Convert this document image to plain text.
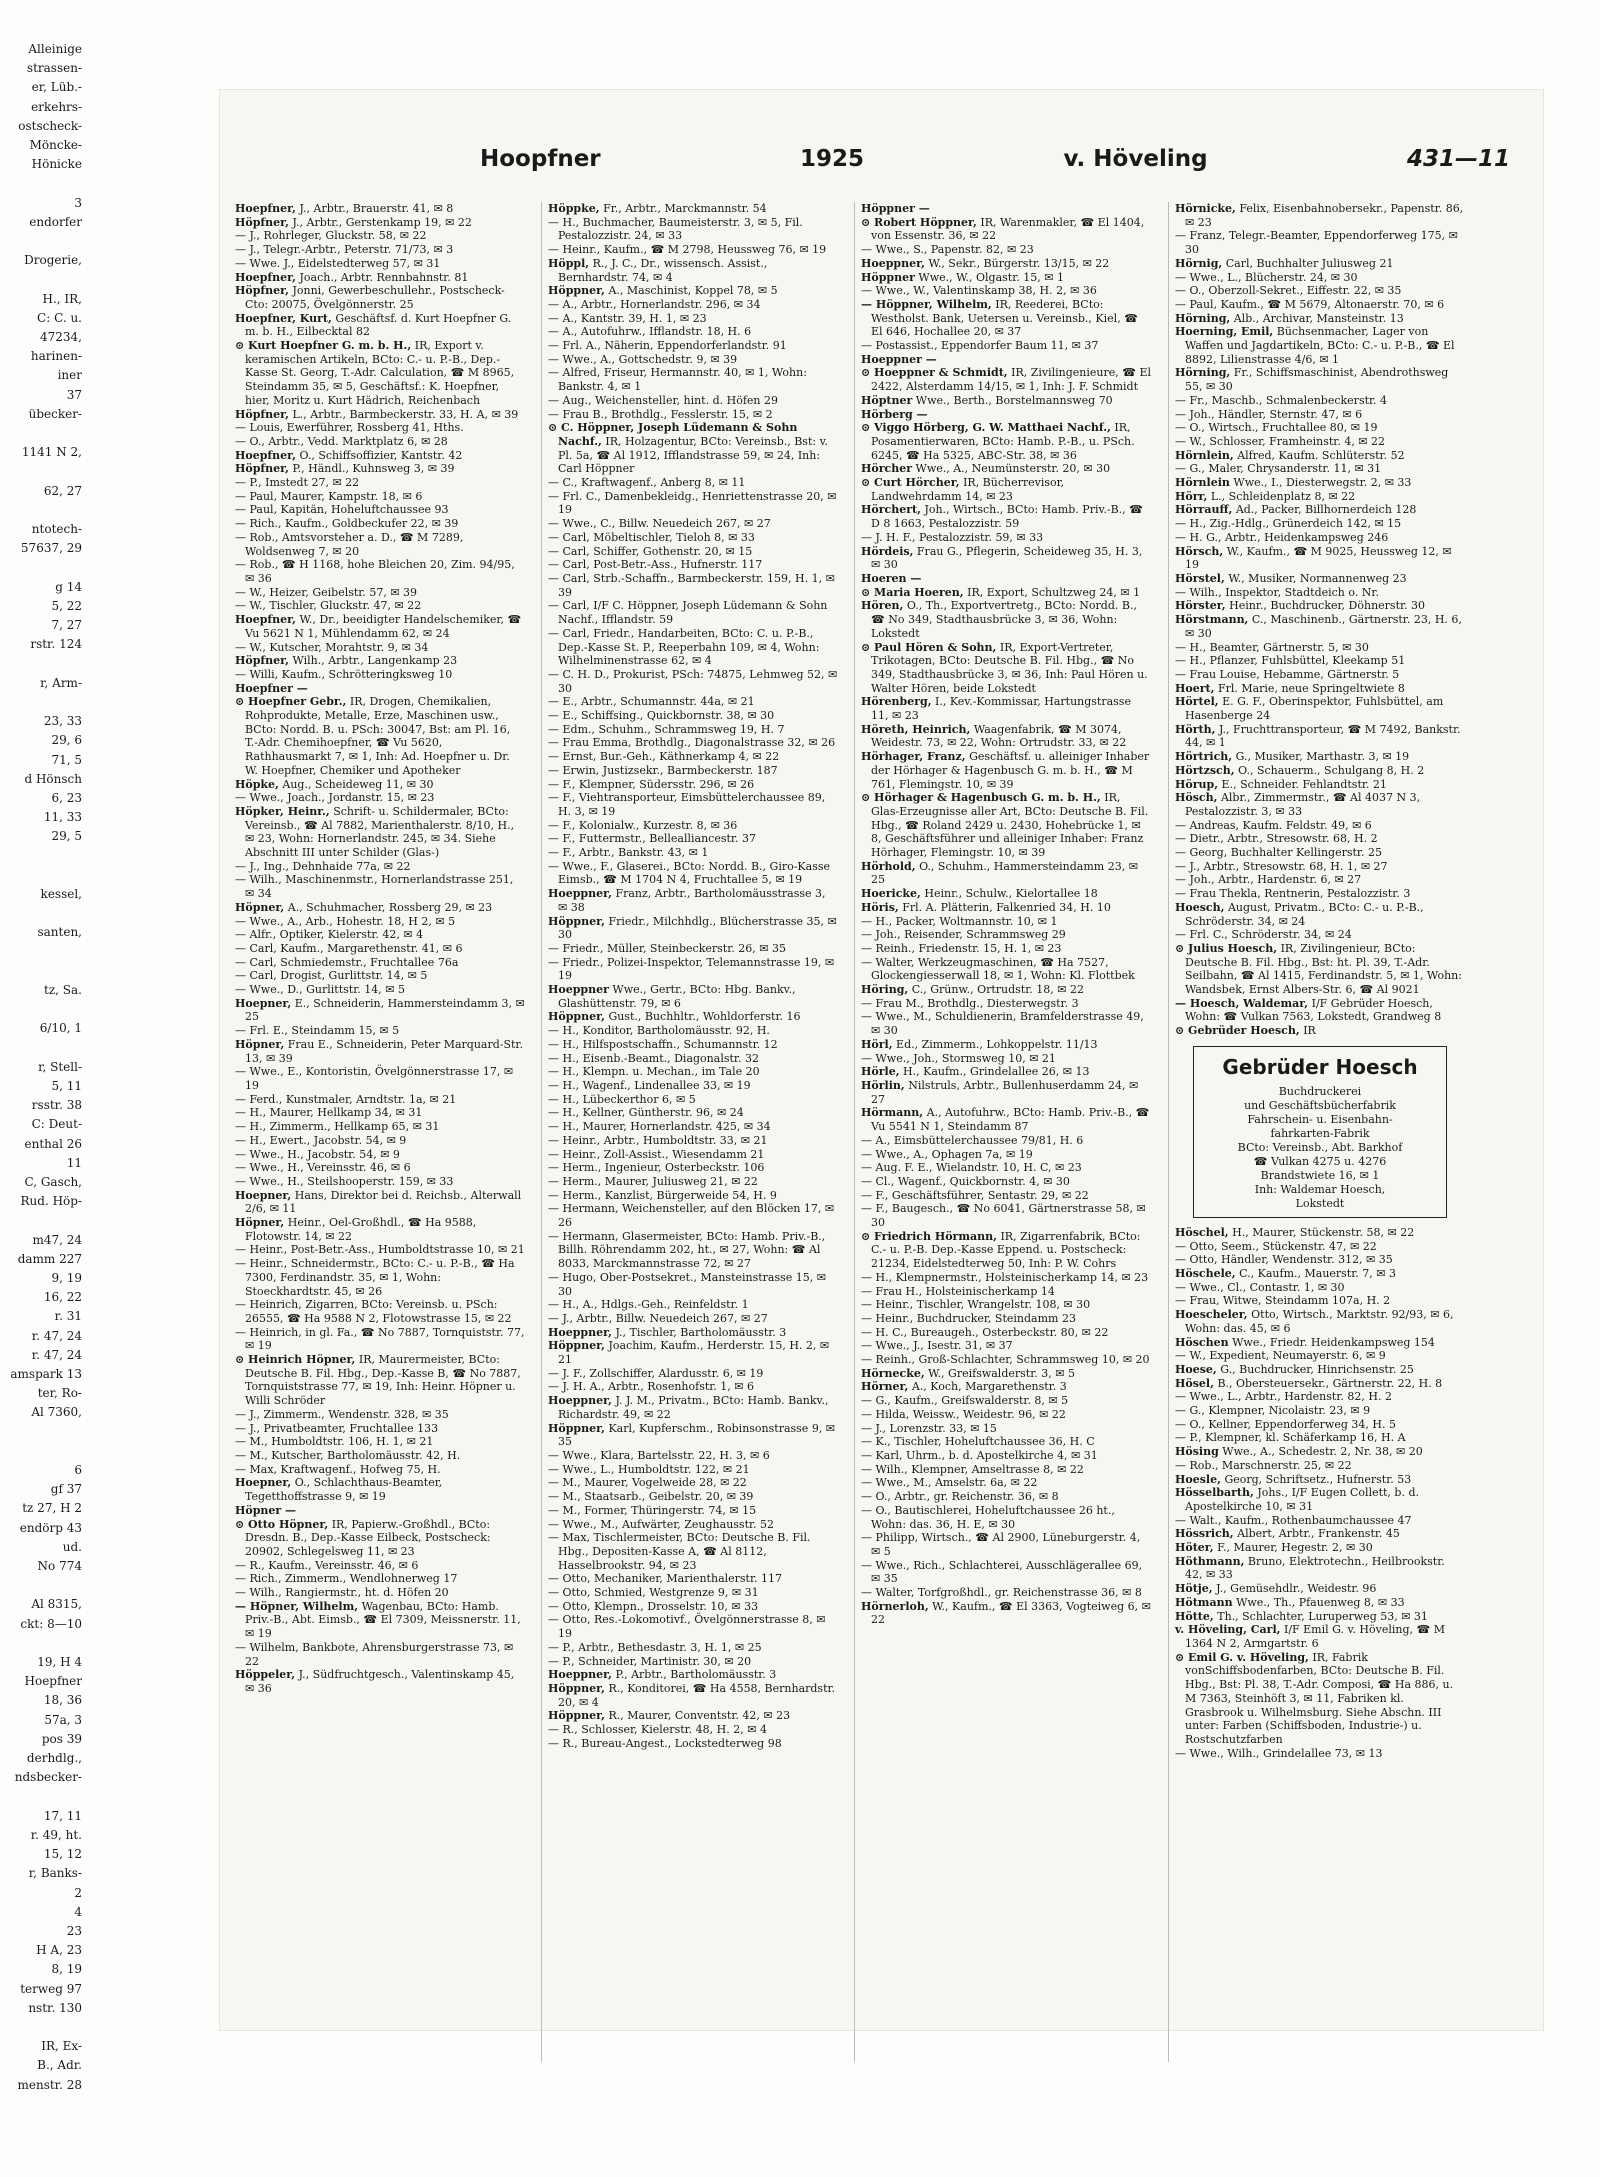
Alleinige
strassen-
er, Lüb.-
erkehrs-
ostscheck-
Möncke-
Hönicke

3
endorfer

Drogerie,

H., IR,
C: C. u.
47234,
harinen-
iner
37
übecker-

1141 N 2,

62, 27

ntotech-
57637, 29

g 14
5, 22
7, 27
rstr. 124

r, Arm-

23, 33
29, 6
71, 5
d Hönsch
6, 23
11, 33
29, 5

kessel,

santen,

tz, Sa.

6/10, 1

r, Stell-
5, 11
rsstr. 38
C: Deut-
enthal 26
11
C, Gasch,
Rud. Höp-

m47, 24
damm 227
9, 19
16, 22
r. 31
r. 47, 24
r. 47, 24
amspark 13
ter, Ro-
Al 7360,

6
gf 37
tz 27, H 2
endörp 43
ud.
No 774

Al 8315,
ckt: 8—10

19, H 4
Hoepfner
18, 36
57a, 3
pos 39
derhdlg.,
ndsbecker-

17, 11
r. 49, ht.
15, 12
r, Banks-
2
4
23
H A, 23
8, 19
terweg 97
nstr. 130

IR, Ex-
B., Adr.
menstr. 28
Hoopfner	1925	v. Höveling	431—11

Hoepfner, J., Arbtr., Brauerstr. 41, ✉ 8

Höpfner, J., Arbtr., Gerstenkamp 19, ✉ 22

— J., Rohrleger, Gluckstr. 58, ✉ 22

— J., Telegr.-Arbtr., Peterstr. 71/73, ✉ 3

— Wwe. J., Eidelstedterweg 57, ✉ 31

Hoepfner, Joach., Arbtr. Rennbahnstr. 81

Höpfner, Jonni, Gewerbeschullehr., Postscheck-Cto: 20075, Övelgönnerstr. 25

Hoepfner, Kurt, Geschäftsf. d. Kurt Hoepfner G. m. b. H., Eilbecktal 82

⊙ Kurt Hoepfner G. m. b. H., IR, Export v. keramischen Artikeln, BCto: C.- u. P.-B., Dep.-Kasse St. Georg, T.-Adr. Calculation, ☎ M 8965, Steindamm 35, ✉ 5, Geschäftsf.: K. Hoepfner, hier, Moritz u. Kurt Hädrich, Reichenbach

Höpfner, L., Arbtr., Barmbeckerstr. 33, H. A, ✉ 39

— Louis, Ewerführer, Rossberg 41, Hths.

— O., Arbtr., Vedd. Marktplatz 6, ✉ 28

Hoepfner, O., Schiffsoffizier, Kantstr. 42

Höpfner, P., Händl., Kuhnsweg 3, ✉ 39

— P., Imstedt 27, ✉ 22

— Paul, Maurer, Kampstr. 18, ✉ 6

— Paul, Kapitän, Hoheluftchaussee 93

— Rich., Kaufm., Goldbeckufer 22, ✉ 39

— Rob., Amtsvorsteher a. D., ☎ M 7289, Woldsenweg 7, ✉ 20

— Rob., ☎ H 1168, hohe Bleichen 20, Zim. 94/95, ✉ 36

— W., Heizer, Geibelstr. 57, ✉ 39

— W., Tischler, Gluckstr. 47, ✉ 22

Hoepfner, W., Dr., beeidigter Handelschemiker, ☎ Vu 5621 N 1, Mühlendamm 62, ✉ 24

— W., Kutscher, Morahtstr. 9, ✉ 34

Höpfner, Wilh., Arbtr., Langenkamp 23

— Willi, Kaufm., Schrötteringksweg 10

Hoepfner —

⊙ Hoepfner Gebr., IR, Drogen, Chemikalien, Rohprodukte, Metalle, Erze, Maschinen usw., BCto: Nordd. B. u. PSch: 30047, Bst: am Pl. 16, T.-Adr. Chemihoepfner, ☎ Vu 5620, Rathhausmarkt 7, ✉ 1, Inh: Ad. Hoepfner u. Dr. W. Hoepfner, Chemiker und Apotheker

Höpke, Aug., Scheideweg 11, ✉ 30

— Wwe., Joach., Jordanstr. 15, ✉ 23

Höpker, Heinr., Schrift- u. Schildermaler, BCto: Vereinsb., ☎ Al 7882, Marienthalerstr. 8/10, H., ✉ 23, Wohn: Hornerlandstr. 245, ✉ 34. Siehe Abschnitt III unter Schilder (Glas-)

— J., Ing., Dehnhaide 77a, ✉ 22

— Wilh., Maschinenmstr., Hornerlandstrasse 251, ✉ 34

Höpner, A., Schuhmacher, Rossberg 29, ✉ 23

— Wwe., A., Arb., Hohestr. 18, H 2, ✉ 5

— Alfr., Optiker, Kielerstr. 42, ✉ 4

— Carl, Kaufm., Margarethenstr. 41, ✉ 6

— Carl, Schmiedemstr., Fruchtallee 76a

— Carl, Drogist, Gurlittstr. 14, ✉ 5

— Wwe., D., Gurlittstr. 14, ✉ 5

Hoepner, E., Schneiderin, Hammersteindamm 3, ✉ 25

— Frl. E., Steindamm 15, ✉ 5

Höpner, Frau E., Schneiderin, Peter Marquard-Str. 13, ✉ 39

— Wwe., E., Kontoristin, Övelgönnerstrasse 17, ✉ 19

— Ferd., Kunstmaler, Arndtstr. 1a, ✉ 21

— H., Maurer, Hellkamp 34, ✉ 31

— H., Zimmerm., Hellkamp 65, ✉ 31

— H., Ewert., Jacobstr. 54, ✉ 9

— Wwe., H., Jacobstr. 54, ✉ 9

— Wwe., H., Vereinsstr. 46, ✉ 6

— Wwe., H., Steilshooperstr. 159, ✉ 33

Hoepner, Hans, Direktor bei d. Reichsb., Alterwall 2/6, ✉ 11

Höpner, Heinr., Oel-Großhdl., ☎ Ha 9588, Flotowstr. 14, ✉ 22

— Heinr., Post-Betr.-Ass., Humboldtstrasse 10, ✉ 21

— Heinr., Schneidermstr., BCto: C.- u. P.-B., ☎ Ha 7300, Ferdinandstr. 35, ✉ 1, Wohn: Stoeckhardtstr. 45, ✉ 26

— Heinrich, Zigarren, BCto: Vereinsb. u. PSch: 26555, ☎ Ha 9588 N 2, Flotowstrasse 15, ✉ 22

— Heinrich, in gl. Fa., ☎ No 7887, Tornquiststr. 77, ✉ 19

⊙ Heinrich Höpner, IR, Maurermeister, BCto: Deutsche B. Fil. Hbg., Dep.-Kasse B, ☎ No 7887, Tornquiststrasse 77, ✉ 19, Inh: Heinr. Höpner u. Willi Schröder

— J., Zimmerm., Wendenstr. 328, ✉ 35

— J., Privatbeamter, Fruchtallee 133

— M., Humboldtstr. 106, H. 1, ✉ 21

— M., Kutscher, Bartholomäusstr. 42, H.

— Max, Kraftwagenf., Hofweg 75, H.

Hoepner, O., Schlachthaus-Beamter, Tegetthoffstrasse 9, ✉ 19

Höpner —

⊙ Otto Höpner, IR, Papierw.-Großhdl., BCto: Dresdn. B., Dep.-Kasse Eilbeck, Postscheck: 20902, Schlegelsweg 11, ✉ 23

— R., Kaufm., Vereinsstr. 46, ✉ 6

— Rich., Zimmerm., Wendlohnerweg 17

— Wilh., Rangiermstr., ht. d. Höfen 20

— Höpner, Wilhelm, Wagenbau, BCto: Hamb. Priv.-B., Abt. Eimsb., ☎ El 7309, Meissnerstr. 11, ✉ 19

— Wilhelm, Bankbote, Ahrensburgerstrasse 73, ✉ 22

Höppeler, J., Südfruchtgesch., Valentinskamp 45, ✉ 36

Höppke, Fr., Arbtr., Marckmannstr. 54

— H., Buchmacher, Baumeisterstr. 3, ✉ 5, Fil. Pestalozzistr. 24, ✉ 33

— Heinr., Kaufm., ☎ M 2798, Heussweg 76, ✉ 19

Höppl, R., J. C., Dr., wissensch. Assist., Bernhardstr. 74, ✉ 4

Höppner, A., Maschinist, Koppel 78, ✉ 5

— A., Arbtr., Hornerlandstr. 296, ✉ 34

— A., Kantstr. 39, H. 1, ✉ 23

— A., Autofuhrw., Ifflandstr. 18, H. 6

— Frl. A., Näherin, Eppendorferlandstr. 91

— Wwe., A., Gottschedstr. 9, ✉ 39

— Alfred, Friseur, Hermannstr. 40, ✉ 1, Wohn: Bankstr. 4, ✉ 1

— Aug., Weichensteller, hint. d. Höfen 29

— Frau B., Brothdlg., Fesslerstr. 15, ✉ 2

⊙ C. Höppner, Joseph Lüdemann & Sohn Nachf., IR, Holzagentur, BCto: Vereinsb., Bst: v. Pl. 5a, ☎ Al 1912, Ifflandstrasse 59, ✉ 24, Inh: Carl Höppner

— C., Kraftwagenf., Anberg 8, ✉ 11

— Frl. C., Damenbekleidg., Henriettenstrasse 20, ✉ 19

— Wwe., C., Billw. Neuedeich 267, ✉ 27

— Carl, Möbeltischler, Tieloh 8, ✉ 33

— Carl, Schiffer, Gothenstr. 20, ✉ 15

— Carl, Post-Betr.-Ass., Hufnerstr. 117

— Carl, Strb.-Schaffn., Barmbeckerstr. 159, H. 1, ✉ 39

— Carl, I/F C. Höppner, Joseph Lüdemann & Sohn Nachf., Ifflandstr. 59

— Carl, Friedr., Handarbeiten, BCto: C. u. P.-B., Dep.-Kasse St. P., Reeperbahn 109, ✉ 4, Wohn: Wilhelminenstrasse 62, ✉ 4

— C. H. D., Prokurist, PSch: 74875, Lehmweg 52, ✉ 30

— E., Arbtr., Schumannstr. 44a, ✉ 21

— E., Schiffsing., Quickbornstr. 38, ✉ 30

— Edm., Schuhm., Schrammsweg 19, H. 7

— Frau Emma, Brothdlg., Diagonalstrasse 32, ✉ 26

— Ernst, Bur.-Geh., Käthnerkamp 4, ✉ 22

— Erwin, Justizsekr., Barmbeckerstr. 187

— F., Klempner, Südersstr. 296, ✉ 26

— F., Viehtransporteur, Eimsbüttelerchaussee 89, H. 3, ✉ 19

— F., Kolonialw., Kurzestr. 8, ✉ 36

— F., Futtermstr., Bellealliancestr. 37

— F., Arbtr., Bankstr. 43, ✉ 1

— Wwe., F., Glaserei., BCto: Nordd. B., Giro-Kasse Eimsb., ☎ M 1704 N 4, Fruchtallee 5, ✉ 19

Hoeppner, Franz, Arbtr., Bartholomäusstrasse 3, ✉ 38

Höppner, Friedr., Milchhdlg., Blücherstrasse 35, ✉ 30

— Friedr., Müller, Steinbeckerstr. 26, ✉ 35

— Friedr., Polizei-Inspektor, Telemannstrasse 19, ✉ 19

Hoeppner Wwe., Gertr., BCto: Hbg. Bankv., Glashüttenstr. 79, ✉ 6

Höppner, Gust., Buchhltr., Wohldorferstr. 16

— H., Konditor, Bartholomäusstr. 92, H.

— H., Hilfspostschaffn., Schumannstr. 12

— H., Eisenb.-Beamt., Diagonalstr. 32

— H., Klempn. u. Mechan., im Tale 20

— H., Wagenf., Lindenallee 33, ✉ 19

— H., Lübeckerthor 6, ✉ 5

— H., Kellner, Güntherstr. 96, ✉ 24

— H., Maurer, Hornerlandstr. 425, ✉ 34

— Heinr., Arbtr., Humboldtstr. 33, ✉ 21

— Heinr., Zoll-Assist., Wiesendamm 21

— Herm., Ingenieur, Osterbeckstr. 106

— Herm., Maurer, Juliusweg 21, ✉ 22

— Herm., Kanzlist, Bürgerweide 54, H. 9

— Hermann, Weichensteller, auf den Blöcken 17, ✉ 26

— Hermann, Glasermeister, BCto: Hamb. Priv.-B., Billh. Röhrendamm 202, ht., ✉ 27, Wohn: ☎ Al 8033, Marckmannstrasse 72, ✉ 27

— Hugo, Ober-Postsekret., Mansteinstrasse 15, ✉ 30

— H., A., Hdlgs.-Geh., Reinfeldstr. 1

— J., Arbtr., Billw. Neuedeich 267, ✉ 27

Hoeppner, J., Tischler, Bartholomäusstr. 3

Höppner, Joachim, Kaufm., Herderstr. 15, H. 2, ✉ 21

— J. F., Zollschiffer, Alardusstr. 6, ✉ 19

— J. H. A., Arbtr., Rosenhofstr. 1, ✉ 6

Hoeppner, J. J. M., Privatm., BCto: Hamb. Bankv., Richardstr. 49, ✉ 22

Höppner, Karl, Kupferschm., Robinsonstrasse 9, ✉ 35

— Wwe., Klara, Bartelsstr. 22, H. 3, ✉ 6

— Wwe., L., Humboldtstr. 122, ✉ 21

— M., Maurer, Vogelweide 28, ✉ 22

— M., Staatsarb., Geibelstr. 20, ✉ 39

— M., Former, Thüringerstr. 74, ✉ 15

— Wwe., M., Aufwärter, Zeughausstr. 52

— Max, Tischlermeister, BCto: Deutsche B. Fil. Hbg., Depositen-Kasse A, ☎ Al 8112, Hasselbrookstr. 94, ✉ 23

— Otto, Mechaniker, Marienthalerstr. 117

— Otto, Schmied, Westgrenze 9, ✉ 31

— Otto, Klempn., Drosselstr. 10, ✉ 33

— Otto, Res.-Lokomotivf., Övelgönnerstrasse 8, ✉ 19

— P., Arbtr., Bethesdastr. 3, H. 1, ✉ 25

— P., Schneider, Martinistr. 30, ✉ 20

Hoeppner, P., Arbtr., Bartholomäusstr. 3

Höppner, R., Konditorei, ☎ Ha 4558, Bernhardstr. 20, ✉ 4

Höppner, R., Maurer, Conventstr. 42, ✉ 23

— R., Schlosser, Kielerstr. 48, H. 2, ✉ 4

— R., Bureau-Angest., Lockstedterweg 98

Höppner —

⊙ Robert Höppner, IR, Warenmakler, ☎ El 1404, von Essenstr. 36, ✉ 22

— Wwe., S., Papenstr. 82, ✉ 23

Hoeppner, W., Sekr., Bürgerstr. 13/15, ✉ 22

Höppner Wwe., W., Olgastr. 15, ✉ 1

— Wwe., W., Valentinskamp 38, H. 2, ✉ 36

— Höppner, Wilhelm, IR, Reederei, BCto: Westholst. Bank, Uetersen u. Vereinsb., Kiel, ☎ El 646, Hochallee 20, ✉ 37

— Postassist., Eppendorfer Baum 11, ✉ 37

Hoeppner —

⊙ Hoeppner & Schmidt, IR, Zivilingenieure, ☎ El 2422, Alsterdamm 14/15, ✉ 1, Inh: J. F. Schmidt

Höptner Wwe., Berth., Borstelmannsweg 70

Hörberg —

⊙ Viggo Hörberg, G. W. Matthaei Nachf., IR, Posamentierwaren, BCto: Hamb. P.-B., u. PSch. 6245, ☎ Ha 5325, ABC-Str. 38, ✉ 36

Hörcher Wwe., A., Neumünsterstr. 20, ✉ 30

⊙ Curt Hörcher, IR, Bücherrevisor, Landwehrdamm 14, ✉ 23

Hörchert, Joh., Wirtsch., BCto: Hamb. Priv.-B., ☎ D 8 1663, Pestalozzistr. 59

— J. H. F., Pestalozzistr. 59, ✉ 33

Hördeis, Frau G., Pflegerin, Scheideweg 35, H. 3, ✉ 30

Hoeren —

⊙ Maria Hoeren, IR, Export, Schultzweg 24, ✉ 1

Hören, O., Th., Exportvertretg., BCto: Nordd. B., ☎ No 349, Stadthausbrücke 3, ✉ 36, Wohn: Lokstedt

⊙ Paul Hören & Sohn, IR, Export-Vertreter, Trikotagen, BCto: Deutsche B. Fil. Hbg., ☎ No 349, Stadthausbrücke 3, ✉ 36, Inh: Paul Hören u. Walter Hören, beide Lokstedt

Hörenberg, I., Kev.-Kommissar, Hartungstrasse 11, ✉ 23

Höreth, Heinrich, Waagenfabrik, ☎ M 3074, Weidestr. 73, ✉ 22, Wohn: Ortrudstr. 33, ✉ 22

Hörhager, Franz, Geschäftsf. u. alleiniger Inhaber der Hörhager & Hagenbusch G. m. b. H., ☎ M 761, Flemingstr. 10, ✉ 39

⊙ Hörhager & Hagenbusch G. m. b. H., IR, Glas-Erzeugnisse aller Art, BCto: Deutsche B. Fil. Hbg., ☎ Roland 2429 u. 2430, Hohebrücke 1, ✉ 8, Geschäftsführer und alleiniger Inhaber: Franz Hörhager, Flemingstr. 10, ✉ 39

Hörhold, O., Schuhm., Hammersteindamm 23, ✉ 25

Hoericke, Heinr., Schulw., Kielortallee 18

Höris, Frl. A. Plätterin, Falkenried 34, H. 10

— H., Packer, Woltmannstr. 10, ✉ 1

— Joh., Reisender, Schrammsweg 29

— Reinh., Friedenstr. 15, H. 1, ✉ 23

— Walter, Werkzeugmaschinen, ☎ Ha 7527, Glockengiesserwall 18, ✉ 1, Wohn: Kl. Flottbek

Höring, C., Grünw., Ortrudstr. 18, ✉ 22

— Frau M., Brothdlg., Diesterwegstr. 3

— Wwe., M., Schuldienerin, Bramfelderstrasse 49, ✉ 30

Hörl, Ed., Zimmerm., Lohkoppelstr. 11/13

— Wwe., Joh., Stormsweg 10, ✉ 21

Hörle, H., Kaufm., Grindelallee 26, ✉ 13

Hörlin, Nilstruls, Arbtr., Bullenhuserdamm 24, ✉ 27

Hörmann, A., Autofuhrw., BCto: Hamb. Priv.-B., ☎ Vu 5541 N 1, Steindamm 87

— A., Eimsbüttelerchaussee 79/81, H. 6

— Wwe., A., Ophagen 7a, ✉ 19

— Aug. F. E., Wielandstr. 10, H. C, ✉ 23

— Cl., Wagenf., Quickbornstr. 4, ✉ 30

— F., Geschäftsführer, Sentastr. 29, ✉ 22

— F., Baugesch., ☎ No 6041, Gärtnerstrasse 58, ✉ 30

⊙ Friedrich Hörmann, IR, Zigarrenfabrik, BCto: C.- u. P.-B. Dep.-Kasse Eppend. u. Postscheck: 21234, Eidelstedterweg 50, Inh: P. W. Cohrs

— H., Klempnermstr., Holsteinischerkamp 14, ✉ 23

— Frau H., Holsteinischerkamp 14

— Heinr., Tischler, Wrangelstr. 108, ✉ 30

— Heinr., Buchdrucker, Steindamm 23

— H. C., Bureaugeh., Osterbeckstr. 80, ✉ 22

— Wwe., J., Isestr. 31, ✉ 37

— Reinh., Groß-Schlachter, Schrammsweg 10, ✉ 20

Hörnecke, W., Greifswalderstr. 3, ✉ 5

Hörner, A., Koch, Margarethenstr. 3

— G., Kaufm., Greifswalderstr. 8, ✉ 5

— Hilda, Weissw., Weidestr. 96, ✉ 22

— J., Lorenzstr. 33, ✉ 15

— K., Tischler, Hoheluftchaussee 36, H. C

— Karl, Uhrm., b. d. Apostelkirche 4, ✉ 31

— Wilh., Klempner, Amseltrasse 8, ✉ 22

— Wwe., M., Amselstr. 6a, ✉ 22

— O., Arbtr., gr. Reichenstr. 36, ✉ 8

— O., Bautischlerei, Hoheluftchaussee 26 ht., Wohn: das. 36, H. E, ✉ 30

— Philipp, Wirtsch., ☎ Al 2900, Lüneburgerstr. 4, ✉ 5

— Wwe., Rich., Schlachterei, Ausschlägerallee 69, ✉ 35

— Walter, Torfgroßhdl., gr. Reichenstrasse 36, ✉ 8

Hörnerloh, W., Kaufm., ☎ El 3363, Vogteiweg 6, ✉ 22

Hörnicke, Felix, Eisenbahnobersekr., Papenstr. 86, ✉ 23

— Franz, Telegr.-Beamter, Eppendorferweg 175, ✉ 30

Hörnig, Carl, Buchhalter Juliusweg 21

— Wwe., L., Blücherstr. 24, ✉ 30

— O., Oberzoll-Sekret., Eiffestr. 22, ✉ 35

— Paul, Kaufm., ☎ M 5679, Altonaerstr. 70, ✉ 6

Hörning, Alb., Archivar, Mansteinstr. 13

Hoerning, Emil, Büchsenmacher, Lager von Waffen und Jagdartikeln, BCto: C.- u. P.-B., ☎ El 8892, Lilienstrasse 4/6, ✉ 1

Hörning, Fr., Schiffsmaschinist, Abendrothsweg 55, ✉ 30

— Fr., Maschb., Schmalenbeckerstr. 4

— Joh., Händler, Sternstr. 47, ✉ 6

— O., Wirtsch., Fruchtallee 80, ✉ 19

— W., Schlosser, Framheinstr. 4, ✉ 22

Hörnlein, Alfred, Kaufm. Schlüterstr. 52

— G., Maler, Chrysanderstr. 11, ✉ 31

Hörnlein Wwe., I., Diesterwegstr. 2, ✉ 33

Hörr, L., Schleidenplatz 8, ✉ 22

Hörrauff, Ad., Packer, Billhornerdeich 128

— H., Zig.-Hdlg., Grünerdeich 142, ✉ 15

— H. G., Arbtr., Heidenkampsweg 246

Hörsch, W., Kaufm., ☎ M 9025, Heussweg 12, ✉ 19

Hörstel, W., Musiker, Normannenweg 23

— Wilh., Inspektor, Stadtdeich o. Nr.

Hörster, Heinr., Buchdrucker, Döhnerstr. 30

Hörstmann, C., Maschinenb., Gärtnerstr. 23, H. 6, ✉ 30

— H., Beamter, Gärtnerstr. 5, ✉ 30

— H., Pflanzer, Fuhlsbüttel, Kleekamp 51

— Frau Louise, Hebamme, Gärtnerstr. 5

Hoert, Frl. Marie, neue Springeltwiete 8

Hörtel, E. G. F., Oberinspektor, Fuhlsbüttel, am Hasenberge 24

Hörth, J., Fruchttransporteur, ☎ M 7492, Bankstr. 44, ✉ 1

Hörtrich, G., Musiker, Marthastr. 3, ✉ 19

Hörtzsch, O., Schauerm., Schulgang 8, H. 2

Hörup, E., Schneider. Fehlandtstr. 21

Hösch, Albr., Zimmermstr., ☎ Al 4037 N 3, Pestalozzistr. 3, ✉ 33

— Andreas, Kaufm. Feldstr. 49, ✉ 6

— Dietr., Arbtr., Stresowstr. 68, H. 2

— Georg, Buchhalter Kellingerstr. 25

— J., Arbtr., Stresowstr. 68, H. 1, ✉ 27

— Joh., Arbtr., Hardenstr. 6, ✉ 27

— Frau Thekla, Rentnerin, Pestalozzistr. 3

Hoesch, August, Privatm., BCto: C.- u. P.-B., Schröderstr. 34, ✉ 24

— Frl. C., Schröderstr. 34, ✉ 24

⊙ Julius Hoesch, IR, Zivilingenieur, BCto: Deutsche B. Fil. Hbg., Bst: ht. Pl. 39, T.-Adr. Seilbahn, ☎ Al 1415, Ferdinandstr. 5, ✉ 1, Wohn: Wandsbek, Ernst Albers-Str. 6, ☎ Al 9021

— Hoesch, Waldemar, I/F Gebrüder Hoesch, Wohn: ☎ Vulkan 7563, Lokstedt, Grandweg 8

⊙ Gebrüder Hoesch, IR

Gebrüder Hoesch
Buchdruckerei
und Geschäftsbücherfabrik
Fahrschein- u. Eisenbahn-
fahrkarten-Fabrik
BCto: Vereinsb., Abt. Barkhof
☎ Vulkan 4275 u. 4276
Brandstwiete 16, ✉ 1
Inh: Waldemar Hoesch,
Lokstedt

Höschel, H., Maurer, Stückenstr. 58, ✉ 22

— Otto, Seem., Stückenstr. 47, ✉ 22

— Otto, Händler, Wendenstr. 312, ✉ 35

Höschele, C., Kaufm., Mauerstr. 7, ✉ 3

— Wwe., Cl., Contastr. 1, ✉ 30

— Frau, Witwe, Steindamm 107a, H. 2

Hoescheler, Otto, Wirtsch., Marktstr. 92/93, ✉ 6, Wohn: das. 45, ✉ 6

Höschen Wwe., Friedr. Heidenkampsweg 154

— W., Expedient, Neumayerstr. 6, ✉ 9

Hoese, G., Buchdrucker, Hinrichsenstr. 25

Hösel, B., Obersteuersekr., Gärtnerstr. 22, H. 8

— Wwe., L., Arbtr., Hardenstr. 82, H. 2

— G., Klempner, Nicolaistr. 23, ✉ 9

— O., Kellner, Eppendorferweg 34, H. 5

— P., Klempner, kl. Schäferkamp 16, H. A

Hösing Wwe., A., Schedestr. 2, Nr. 38, ✉ 20

— Rob., Marschnerstr. 25, ✉ 22

Hoesle, Georg, Schriftsetz., Hufnerstr. 53

Hösselbarth, Johs., I/F Eugen Collett, b. d. Apostelkirche 10, ✉ 31

— Walt., Kaufm., Rothenbaumchaussee 47

Hössrich, Albert, Arbtr., Frankenstr. 45

Höter, F., Maurer, Hegestr. 2, ✉ 30

Höthmann, Bruno, Elektrotechn., Heilbrookstr. 42, ✉ 33

Hötje, J., Gemüsehdlr., Weidestr. 96

Hötmann Wwe., Th., Pfauenweg 8, ✉ 33

Hötte, Th., Schlachter, Luruperweg 53, ✉ 31

v. Höveling, Carl, I/F Emil G. v. Höveling, ☎ M 1364 N 2, Armgartstr. 6

⊙ Emil G. v. Höveling, IR, Fabrik vonSchiffsbodenfarben, BCto: Deutsche B. Fil. Hbg., Bst: Pl. 38, T.-Adr. Composi, ☎ Ha 886, u. M 7363, Steinhöft 3, ✉ 11, Fabriken kl. Grasbrook u. Wilhelmsburg. Siehe Abschn. III unter: Farben (Schiffsboden, Industrie-) u. Rostschutzfarben

— Wwe., Wilh., Grindelallee 73, ✉ 13
